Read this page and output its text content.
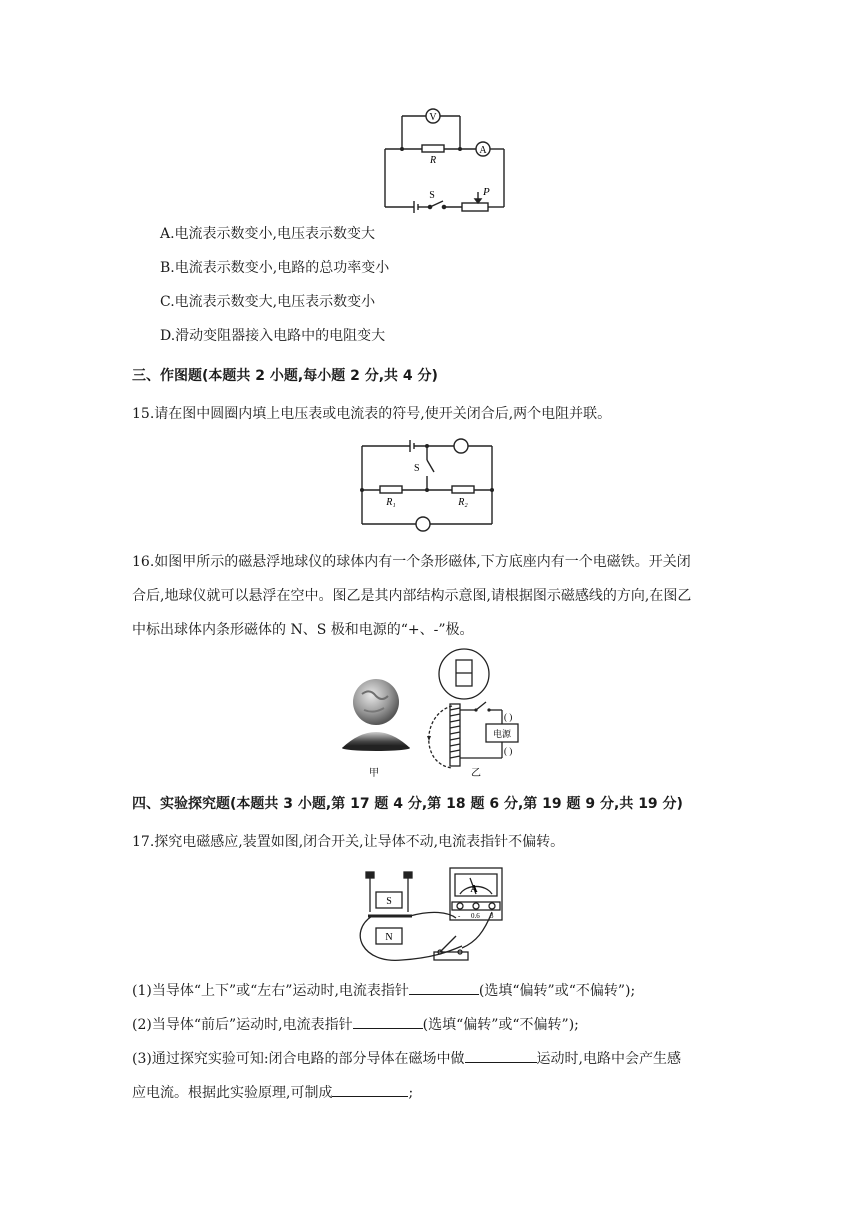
V
A
R
S	P
A.电流表示数变小,电压表示数变大
B.电流表示数变小,电路的总功率变小
C.电流表示数变大,电压表示数变小
D.滑动变阻器接入电路中的电阻变大
三、作图题(本题共 2 小题,每小题 2 分,共 4 分)
15.请在图中圆圈内填上电压表或电流表的符号,使开关闭合后,两个电阻并联。
S
R₁	R₂
16.如图甲所示的磁悬浮地球仪的球体内有一个条形磁体,下方底座内有一个电磁铁。开关闭
合后,地球仪就可以悬浮在空中。图乙是其内部结构示意图,请根据图示磁感线的方向,在图乙
中标出球体内条形磁体的 N、S 极和电源的“+、-”极。
甲
电源
( )
( )
乙
四、实验探究题(本题共 3 小题,第 17 题 4 分,第 18 题 6 分,第 19 题 9 分,共 19 分)
17.探究电磁感应,装置如图,闭合开关,让导体不动,电流表指针不偏转。
S
N
A
- 0.6 3
(1)当导体“上下”或“左右”运动时,电流表指针	(选填“偏转”或“不偏转”);
(2)当导体“前后”运动时,电流表指针	(选填“偏转”或“不偏转”);
(3)通过探究实验可知:闭合电路的部分导体在磁场中做	运动时,电路中会产生感
应电流。根据此实验原理,可制成	;
